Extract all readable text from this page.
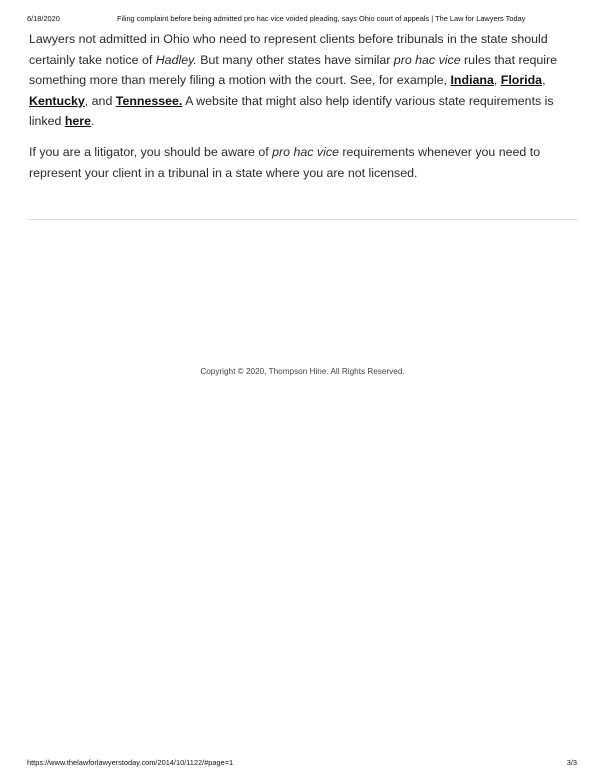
6/18/2020	Filing complaint before being admitted pro hac vice voided pleading, says Ohio court of appeals | The Law for Lawyers Today

Lawyers not admitted in Ohio who need to represent clients before tribunals in the state should certainly take notice of Hadley. But many other states have similar pro hac vice rules that require something more than merely filing a motion with the court. See, for example, Indiana, Florida,
Kentucky, and Tennessee. A website that might also help identify various state requirements is linked here.

If you are a litigator, you should be aware of pro hac vice requirements whenever you need to represent your client in a tribunal in a state where you are not licensed.

Copyright © 2020, Thompson Hine. All Rights Reserved.
https://www.thelawforlawyerstoday.com/2014/10/1122/#page=1	3/3
